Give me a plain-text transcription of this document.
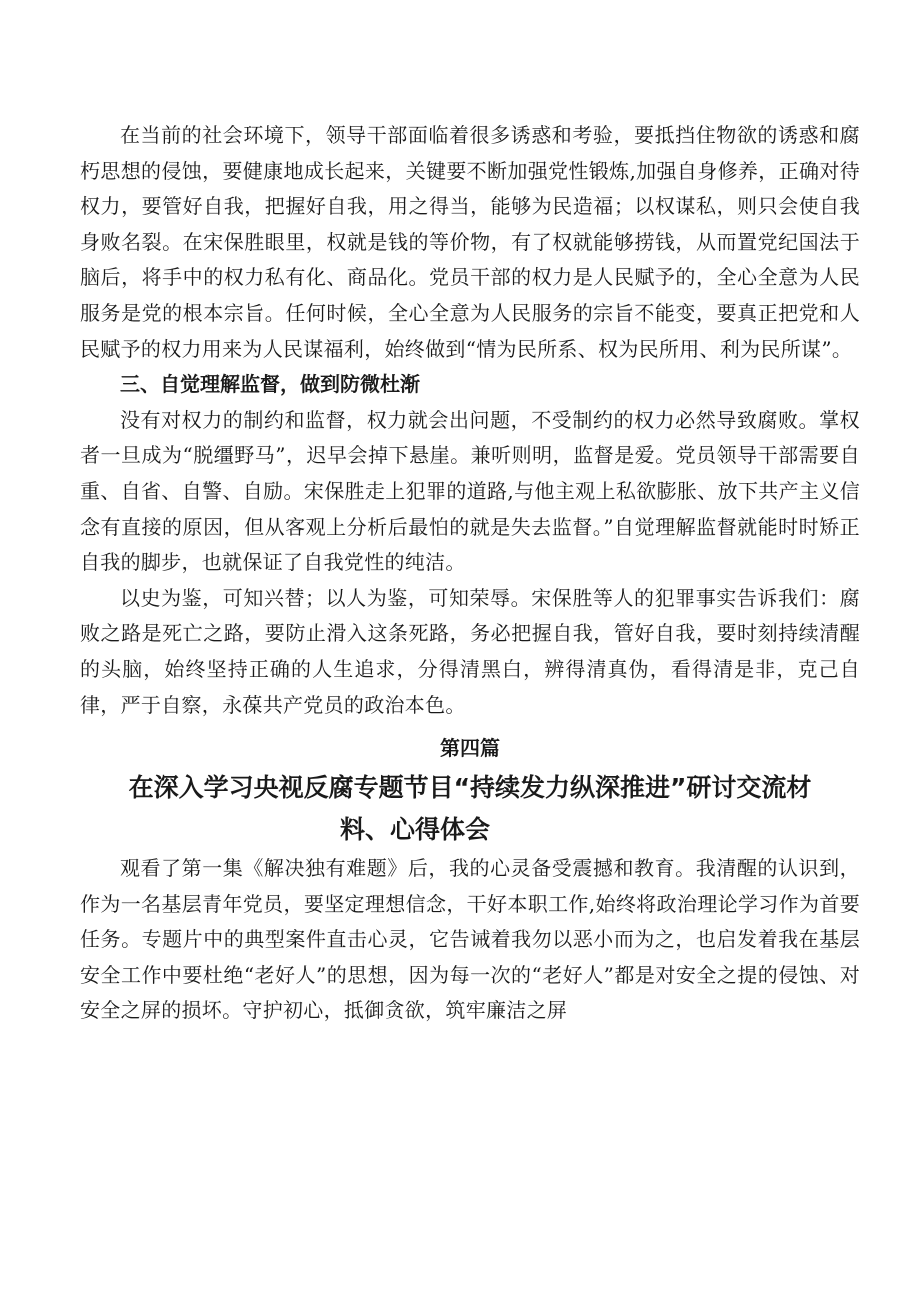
在当前的社会环境下，领导干部面临着很多诱惑和考验，要抵挡住物欲的诱惑和腐朽思想的侵蚀，要健康地成长起来，关键要不断加强党性锻炼,加强自身修养，正确对待权力，要管好自我，把握好自我，用之得当，能够为民造福；以权谋私，则只会使自我身败名裂。在宋保胜眼里，权就是钱的等价物，有了权就能够捞钱，从而置党纪国法于脑后，将手中的权力私有化、商品化。党员干部的权力是人民赋予的，全心全意为人民服务是党的根本宗旨。任何时候，全心全意为人民服务的宗旨不能变，要真正把党和人民赋予的权力用来为人民谋福利，始终做到“情为民所系、权为民所用、利为民所谋”。

三、自觉理解监督，做到防微杜渐

没有对权力的制约和监督，权力就会出问题，不受制约的权力必然导致腐败。掌权者一旦成为“脱缰野马”，迟早会掉下悬崖。兼听则明，监督是爱。党员领导干部需要自重、自省、自警、自励。宋保胜走上犯罪的道路,与他主观上私欲膨胀、放下共产主义信念有直接的原因，但从客观上分析后最怕的就是失去监督。”自觉理解监督就能时时矫正自我的脚步，也就保证了自我党性的纯洁。

以史为鉴，可知兴替；以人为鉴，可知荣辱。宋保胜等人的犯罪事实告诉我们：腐败之路是死亡之路，要防止滑入这条死路，务必把握自我，管好自我，要时刻持续清醒的头脑，始终坚持正确的人生追求，分得清黑白，辨得清真伪，看得清是非，克己自律，严于自察，永葆共产党员的政治本色。

第四篇

在深入学习央视反腐专题节目“持续发力纵深推进”研讨交流材
料、心得体会

观看了第一集《解决独有难题》后，我的心灵备受震撼和教育。我清醒的认识到，作为一名基层青年党员，要坚定理想信念，干好本职工作,始终将政治理论学习作为首要任务。专题片中的典型案件直击心灵，它告诫着我勿以恶小而为之，也启发着我在基层安全工作中要杜绝“老好人”的思想，因为每一次的“老好人”都是对安全之提的侵蚀、对安全之屏的损坏。守护初心，抵御贪欲，筑牢廉洁之屏
